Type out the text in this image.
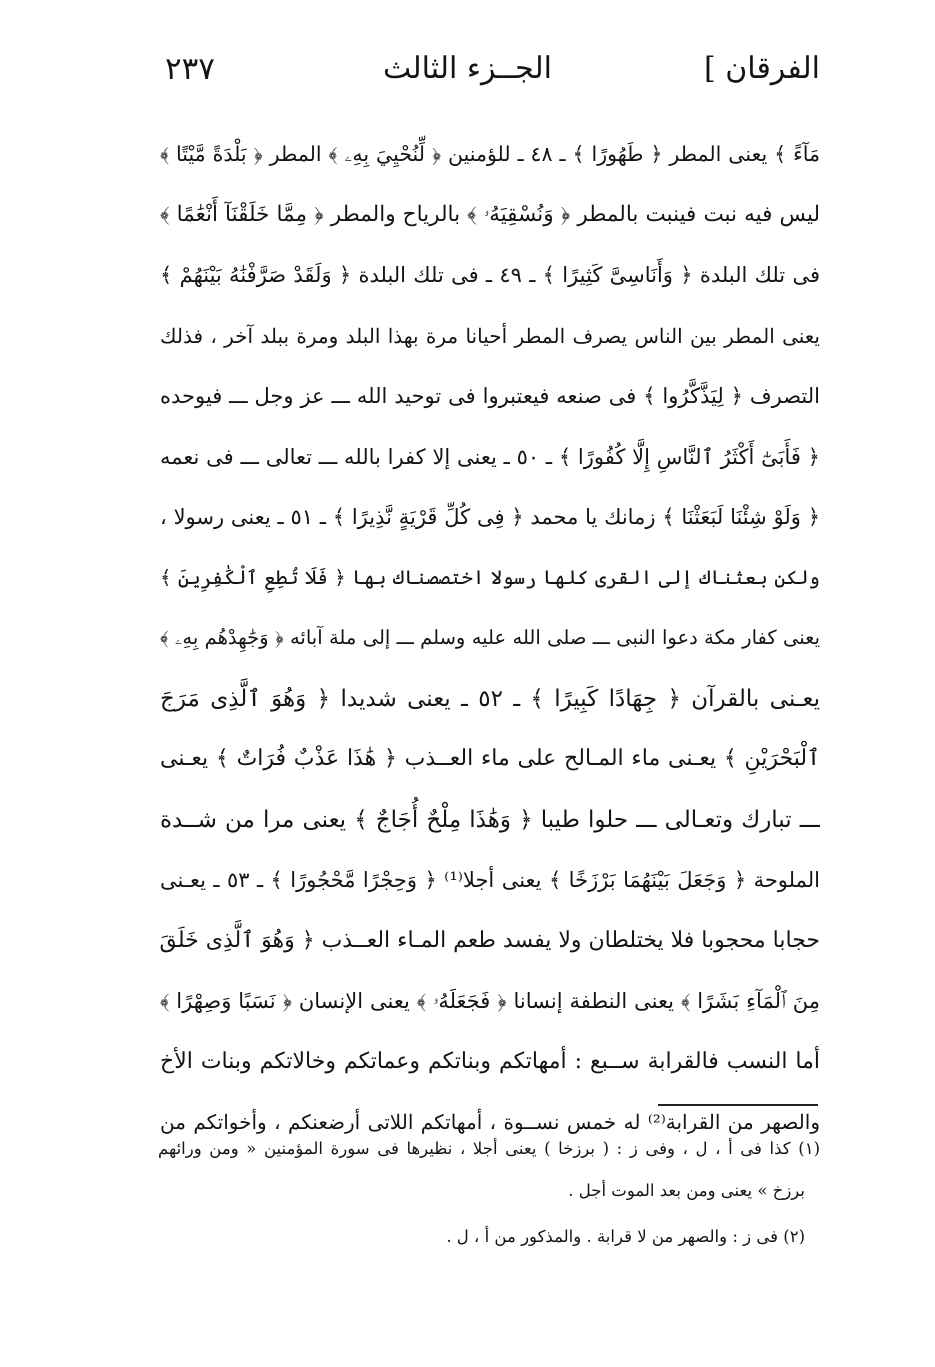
الفرقان ]
الجــزء الثالث
٢٣٧
مَآءً ﴾ يعنى المطر ﴿ طَهُورًا ﴾ ـ ٤٨ ـ للؤمنين ﴿ لِّنُحْيِيَ بِهِۦ ﴾ المطر ﴿ بَلْدَةً مَّيْتًا ﴾
ليس فيه نبت فينبت بالمطر ﴿ وَنُسْقِيَهُۥ ﴾ بالرياح والمطر ﴿ مِمَّا خَلَقْنَآ أَنْعَٰمًا ﴾
فى تلك البلدة ﴿ وَأَنَاسِىَّ كَثِيرًا ﴾ ـ ٤٩ ـ فى تلك البلدة ﴿ وَلَقَدْ صَرَّفْنَٰهُ بَيْنَهُمْ ﴾
يعنى المطر بين الناس يصرف المطر أحيانا مرة بهذا البلد ومرة ببلد آخر ، فذلك
التصرف ﴿ لِيَذَّكَّرُوا ﴾ فى صنعه فيعتبروا فى توحيد الله ـــ عز وجل ـــ فيوحده
﴿ فَأَبَىٰٓ أَكْثَرُ ٱلنَّاسِ إِلَّا كُفُورًا ﴾ ـ ٥٠ ـ يعنى إلا كفرا بالله ـــ تعالى ـــ فى نعمه
﴿ وَلَوْ شِئْنَا لَبَعَثْنَا ﴾ زمانك يا محمد ﴿ فِى كُلِّ قَرْيَةٍ نَّذِيرًا ﴾ ـ ٥١ ـ يعنى رسولا ،
ولكن بعثناك إلى القرى كلها رسولا اختصصناك بها ﴿ فَلَا تُطِعِ ٱلْكَٰفِرِينَ ﴾
يعنى كفار مكة دعوا النبى ـــ صلى الله عليه وسلم ـــ إلى ملة آبائه ﴿ وَجَٰهِدْهُم بِهِۦ ﴾
يعـنى بالقرآن ﴿ جِهَادًا كَبِيرًا ﴾ ـ ٥٢ ـ يعنى شديدا ﴿ وَهُوَ ٱلَّذِى مَرَجَ
ٱلْبَحْرَيْنِ ﴾ يعـنى ماء المـالح على ماء العــذب ﴿ هَٰذَا عَذْبٌ فُرَاتٌ ﴾ يعـنى
ـــ تبارك وتعـالى ـــ حلوا طيبا ﴿ وَهَٰذَا مِلْحٌ أُجَاجٌ ﴾ يعنى مرا من شــدة
الملوحة ﴿ وَجَعَلَ بَيْنَهُمَا بَرْزَخًا ﴾ يعنى أجلا⁽¹⁾ ﴿ وَحِجْرًا مَّحْجُورًا ﴾ ـ ٥٣ ـ يعـنى
حجابا محجوبا فلا يختلطان ولا يفسد طعم المـاء العــذب ﴿ وَهُوَ ٱلَّذِى خَلَقَ
مِنَ ٱلْمَآءِ بَشَرًا ﴾ يعنى النطفة إنسانا ﴿ فَجَعَلَهُۥ ﴾ يعنى الإنسان ﴿ نَسَبًا وَصِهْرًا ﴾
أما النسب فالقرابة ســبع : أمهاتكم وبناتكم وعماتكم وخالاتكم وبنات الأخ
والصهر من القرابة⁽²⁾ له خمس نســوة ، أمهاتكم اللاتى أرضعنكم ، وأخواتكم من
(١) كذا فى أ ، ل ، وفى ز : ( برزخا ) يعنى أجلا ، نظيرها فى سورة المؤمنين « ومن ورائهم
برزخ » يعنى ومن بعد الموت أجل .
(٢) فى ز : والصهر من لا قرابة . والمذكور من أ ، ل .
